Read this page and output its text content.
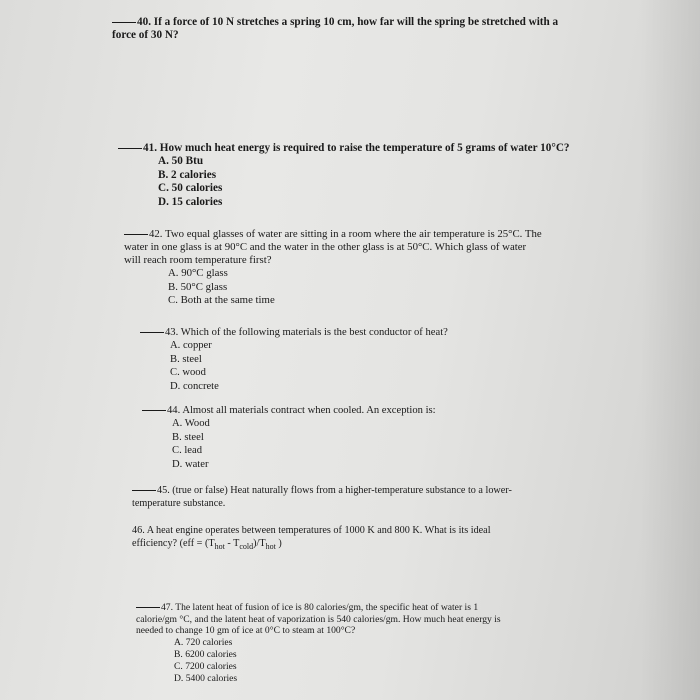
40. If a force of 10 N stretches a spring 10 cm, how far will the spring be stretched with a
force of 30 N?
41. How much heat energy is required to raise the temperature of 5 grams of water 10°C?
A. 50 Btu
B. 2 calories
C. 50 calories
D. 15 calories
42. Two equal glasses of water are sitting in a room where the air temperature is 25°C. The
water in one glass is at 90°C and the water in the other glass is at 50°C. Which glass of water
will reach room temperature first?
A. 90°C glass
B. 50°C glass
C. Both at the same time
43. Which of the following materials is the best conductor of heat?
A. copper
B. steel
C. wood
D. concrete
44. Almost all materials contract when cooled. An exception is:
A. Wood
B. steel
C. lead
D. water
45. (true or false) Heat naturally flows from a higher-temperature substance to a lower-
temperature substance.
46. A heat engine operates between temperatures of 1000 K and 800 K. What is its ideal
efficiency? ($eff = (T_{hot} - T_{cold})/T_{hot}$ )
47. The latent heat of fusion of ice is 80 calories/gm, the specific heat of water is 1
calorie/gm °C, and the latent heat of vaporization is 540 calories/gm. How much heat energy is
needed to change 10 gm of ice at 0°C to steam at 100°C?
A. 720 calories
B. 6200 calories
C. 7200 calories
D. 5400 calories
